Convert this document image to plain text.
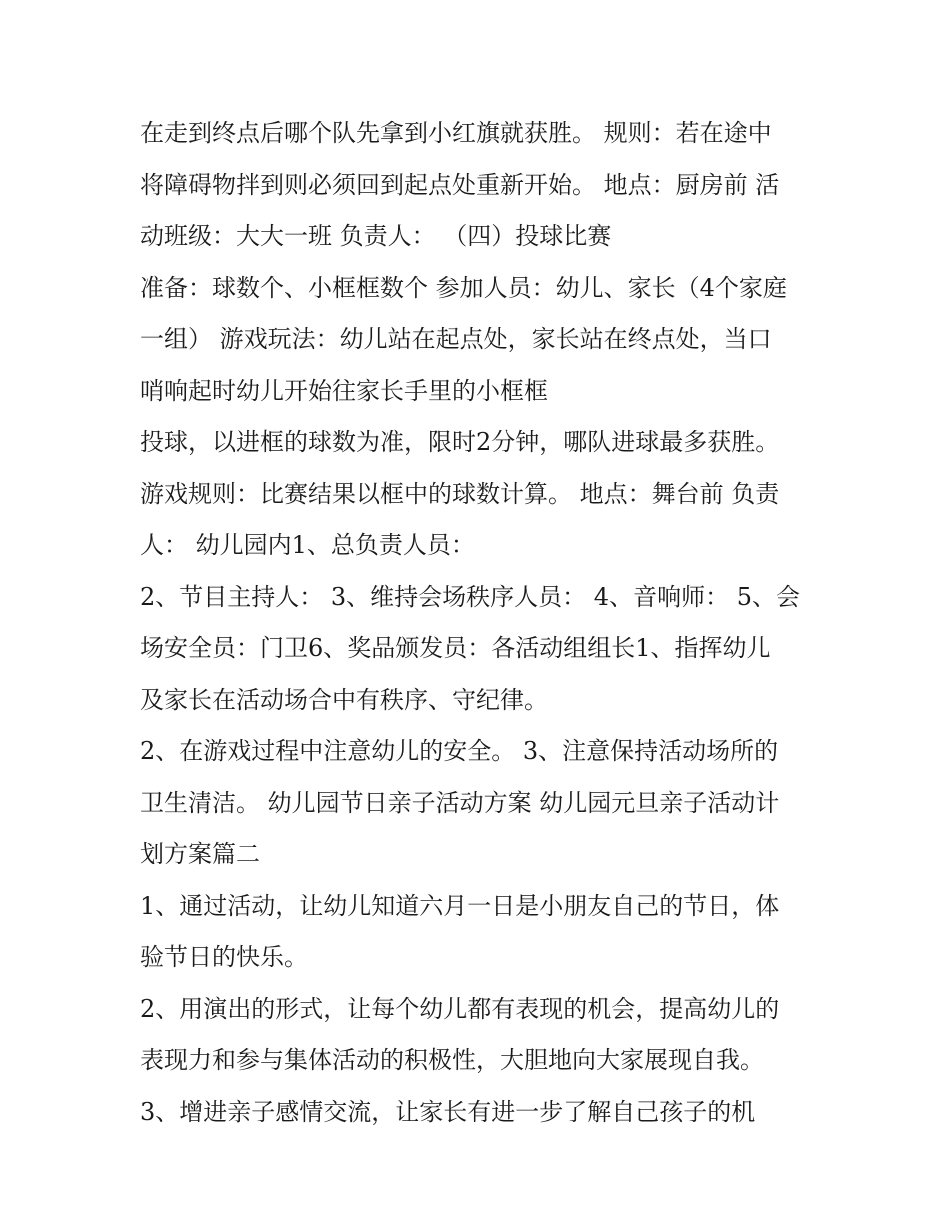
在走到终点后哪个队先拿到小红旗就获胜。 规则：若在途中
将障碍物拌到则必须回到起点处重新开始。 地点：厨房前 活
动班级：大大一班 负责人： （四）投球比赛
准备：球数个、小框框数个 参加人员：幼儿、家长（4个家庭
一组） 游戏玩法：幼儿站在起点处，家长站在终点处，当口
哨响起时幼儿开始往家长手里的小框框
投球，以进框的球数为准，限时2分钟，哪队进球最多获胜。
游戏规则：比赛结果以框中的球数计算。 地点：舞台前 负责
人： 幼儿园内1、总负责人员：
2、节目主持人： 3、维持会场秩序人员： 4、音响师： 5、会
场安全员：门卫6、奖品颁发员：各活动组组长1、指挥幼儿
及家长在活动场合中有秩序、守纪律。
2、在游戏过程中注意幼儿的安全。 3、注意保持活动场所的
卫生清洁。 幼儿园节日亲子活动方案 幼儿园元旦亲子活动计
划方案篇二
1、通过活动，让幼儿知道六月一日是小朋友自己的节日，体
验节日的快乐。
2、用演出的形式，让每个幼儿都有表现的机会，提高幼儿的
表现力和参与集体活动的积极性，大胆地向大家展现自我。
3、增进亲子感情交流，让家长有进一步了解自己孩子的机
